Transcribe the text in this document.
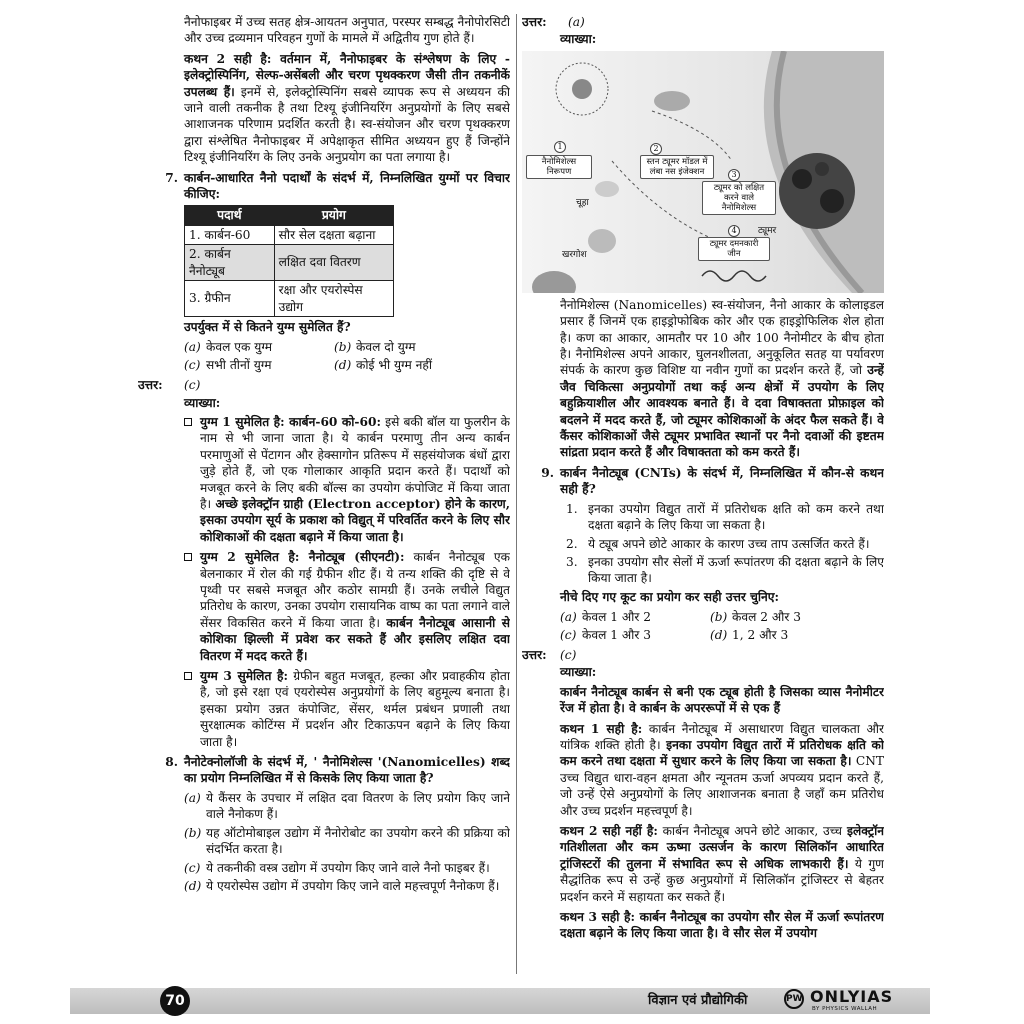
नैनोफाइबर में उच्च सतह क्षेत्र-आयतन अनुपात, परस्पर सम्बद्ध नैनोपोरसिटी और उच्च द्रव्यमान परिवहन गुणों के मामले में अद्वितीय गुण होते हैं।

कथन 2 सही है: वर्तमान में, नैनोफाइबर के संश्लेषण के लिए - इलेक्ट्रोस्पिनिंग, सेल्फ-असेंबली और चरण पृथक्करण जैसी तीन तकनीकें उपलब्ध हैं। इनमें से, इलेक्ट्रोस्पिनिंग सबसे व्यापक रूप से अध्ययन की जाने वाली तकनीक है तथा टिश्यू इंजीनियरिंग अनुप्रयोगों के लिए सबसे आशाजनक परिणाम प्रदर्शित करती है। स्व-संयोजन और चरण पृथक्करण द्वारा संश्लेषित नैनोफाइबर में अपेक्षाकृत सीमित अध्ययन हुए हैं जिन्होंने टिश्यू इंजीनियरिंग के लिए उनके अनुप्रयोग का पता लगाया है।

7. कार्बन-आधारित नैनो पदार्थों के संदर्भ में, निम्नलिखित युग्मों पर विचार कीजिए:
पदार्थ	प्रयोग
1. कार्बन-60	सौर सेल दक्षता बढ़ाना
2. कार्बन नैनोट्यूब	लक्षित दवा वितरण
3. ग्रैफीन	रक्षा और एयरोस्पेस उद्योग

उपर्युक्त में से कितने युग्म सुमेलित हैं?

(a) केवल एक युग्म	(b) केवल दो युग्म
(c) सभी तीनों युग्म	(d) कोई भी युग्म नहीं
उत्तर:	(c)
व्याख्या:
युग्म 1 सुमेलित है: कार्बन-60 को-60: इसे बकी बॉल या फुलरीन के नाम से भी जाना जाता है। ये कार्बन परमाणु तीन अन्य कार्बन परमाणुओं से पेंटागन और हेक्सागोन प्रतिरूप में सहसंयोजक बंधों द्वारा जुड़े होते हैं, जो एक गोलाकार आकृति प्रदान करते हैं। पदार्थों को मजबूत करने के लिए बकी बॉल्स का उपयोग कंपोजिट में किया जाता है। अच्छे इलेक्ट्रॉन ग्राही (Electron acceptor) होने के कारण, इसका उपयोग सूर्य के प्रकाश को विद्युत् में परिवर्तित करने के लिए सौर कोशिकाओं की दक्षता बढ़ाने में किया जाता है।
युग्म 2 सुमेलित है: नैनोट्यूब (सीएनटी): कार्बन नैनोट्यूब एक बेलनाकार में रोल की गई ग्रैफीन शीट हैं। ये तन्य शक्ति की दृष्टि से वे पृथ्वी पर सबसे मजबूत और कठोर सामग्री हैं। उनके लचीले विद्युत प्रतिरोध के कारण, उनका उपयोग रासायनिक वाष्प का पता लगाने वाले सेंसर विकसित करने में किया जाता है। कार्बन नैनोट्यूब आसानी से कोशिका झिल्ली में प्रवेश कर सकते हैं और इसलिए लक्षित दवा वितरण में मदद करते हैं।
युग्म 3 सुमेलित है: ग्रेफीन बहुत मजबूत, हल्का और प्रवाहकीय होता है, जो इसे रक्षा एवं एयरोस्पेस अनुप्रयोगों के लिए बहुमूल्य बनाता है। इसका प्रयोग उन्नत कंपोजिट, सेंसर, थर्मल प्रबंधन प्रणाली तथा सुरक्षात्मक कोटिंग्स में प्रदर्शन और टिकाऊपन बढ़ाने के लिए किया जाता है।
8. नैनोटेक्नोलॉजी के संदर्भ में, ' नैनोमिशेल्स '(Nanomicelles) शब्द का प्रयोग निम्नलिखित में से किसके लिए किया जाता है?
(a) ये कैंसर के उपचार में लक्षित दवा वितरण के लिए प्रयोग किए जाने वाले नैनोकण हैं।
(b) यह ऑटोमोबाइल उद्योग में नैनोरोबोट का उपयोग करने की प्रक्रिया को संदर्भित करता है।
(c) ये तकनीकी वस्त्र उद्योग में उपयोग किए जाने वाले नैनो फाइबर हैं।
(d) ये एयरोस्पेस उद्योग में उपयोग किए जाने वाले महत्त्वपूर्ण नैनोकण हैं।
उत्तर:	(a)
व्याख्या:
नैनोमिशेल्स निरूपण
1
स्तन ट्यूमर मॉडल में लंबा नस इंजेक्शन
2
ट्यूमर को लक्षित करने वाले नैनोमिशेल्स
3
ट्यूमर दमनकारी जीन
4
चूहा
खरगोश
ट्यूमर

नैनोमिशेल्स (Nanomicelles) स्व-संयोजन, नैनो आकार के कोलाइडल प्रसार हैं जिनमें एक हाइड्रोफोबिक कोर और एक हाइड्रोफिलिक शेल होता है। कण का आकार, आमतौर पर 10 और 100 नैनोमीटर के बीच होता है। नैनोमिशेल्स अपने आकार, घुलनशीलता, अनुकूलित सतह या पर्यावरण संपर्क के कारण कुछ विशिष्ट या नवीन गुणों का प्रदर्शन करते हैं, जो उन्हें जैव चिकित्सा अनुप्रयोगों तथा कई अन्य क्षेत्रों में उपयोग के लिए बहुक्रियाशील और आवश्यक बनाते हैं। वे दवा विषाक्तता प्रोफ़ाइल को बदलने में मदद करते हैं, जो ट्यूमर कोशिकाओं के अंदर फैल सकते हैं। वे कैंसर कोशिकाओं जैसे ट्यूमर प्रभावित स्थानों पर नैनो दवाओं की इष्टतम सांद्रता प्रदान करते हैं और विषाक्तता को कम करते हैं।

9. कार्बन नैनोट्यूब (CNTs) के संदर्भ में, निम्नलिखित में कौन-से कथन सही हैं?
1. इनका उपयोग विद्युत तारों में प्रतिरोधक क्षति को कम करने तथा दक्षता बढ़ाने के लिए किया जा सकता है।
2. ये ट्यूब अपने छोटे आकार के कारण उच्च ताप उत्सर्जित करते हैं।
3. इनका उपयोग सौर सेलों में ऊर्जा रूपांतरण की दक्षता बढ़ाने के लिए किया जाता है।

नीचे दिए गए कूट का प्रयोग कर सही उत्तर चुनिए:

(a) केवल 1 और 2	(b) केवल 2 और 3
(c) केवल 1 और 3	(d) 1, 2 और 3
उत्तर:	(c)
व्याख्या:

कार्बन नैनोट्यूब कार्बन से बनी एक ट्यूब होती है जिसका व्यास नैनोमीटर रेंज में होता है। वे कार्बन के अपररूपों में से एक हैं

कथन 1 सही है: कार्बन नैनोट्यूब में असाधारण विद्युत चालकता और यांत्रिक शक्ति होती है। इनका उपयोग विद्युत तारों में प्रतिरोधक क्षति को कम करने तथा दक्षता में सुधार करने के लिए किया जा सकता है। CNT उच्च विद्युत धारा-वहन क्षमता और न्यूनतम ऊर्जा अपव्यय प्रदान करते हैं, जो उन्हें ऐसे अनुप्रयोगों के लिए आशाजनक बनाता है जहाँ कम प्रतिरोध और उच्च प्रदर्शन महत्त्वपूर्ण है।

कथन 2 सही नहीं है: कार्बन नैनोट्यूब अपने छोटे आकार, उच्च इलेक्ट्रॉन गतिशीलता और कम ऊष्मा उत्सर्जन के कारण सिलिकॉन आधारित ट्रांजिस्टरों की तुलना में संभावित रूप से अधिक लाभकारी हैं। ये गुण सैद्धांतिक रूप से उन्हें कुछ अनुप्रयोगों में सिलिकॉन ट्रांजिस्टर से बेहतर प्रदर्शन करने में सहायता कर सकते हैं।

कथन 3 सही है: कार्बन नैनोट्यूब का उपयोग सौर सेल में ऊर्जा रूपांतरण दक्षता बढ़ाने के लिए किया जाता है। वे सौर सेल में उपयोग

70	विज्ञान एवं प्रौद्योगिकी	PW ONLYIAS
BY PHYSICS WALLAH
